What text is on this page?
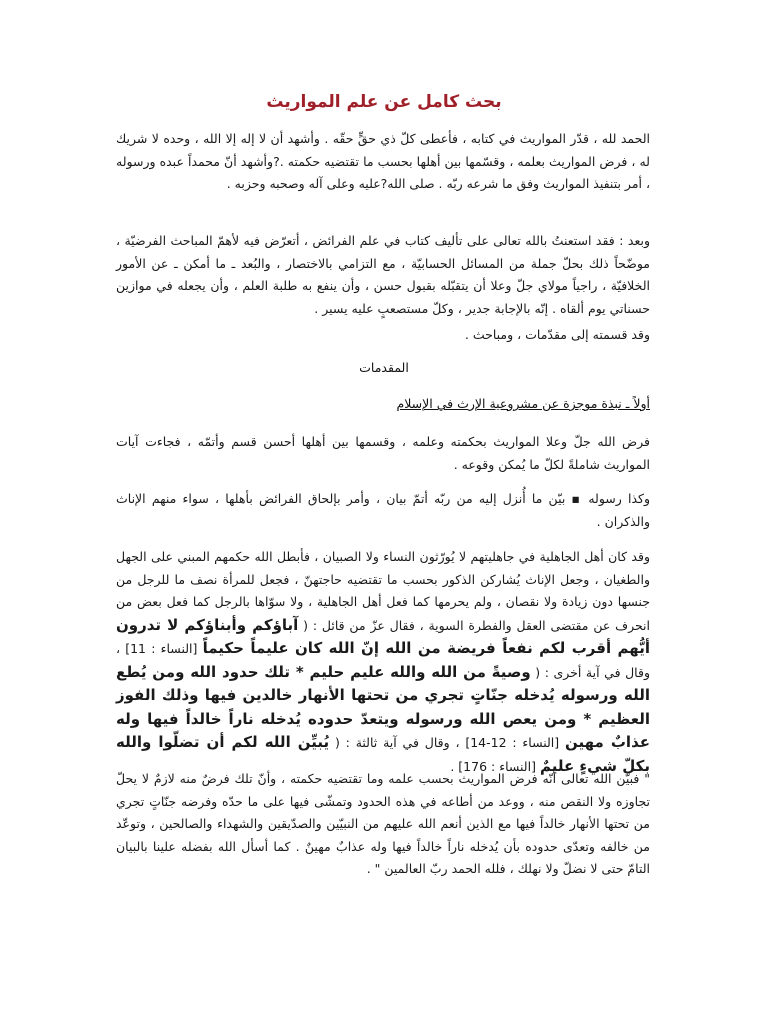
بحث كامل عن علم المواريث
الحمد لله ، قدّر المواريث في كتابه ، فأعطى كلّ ذي حقٍّ حقّه . وأشهد أن لا إله إلا الله ، وحده لا شريك له ، فرض المواريث بعلمه ، وقسّمها بين أهلها بحسب ما تقتضيه حكمته .?وأشهد أنّ محمداً عبده ورسوله ، أمر بتنفيذ المواريث وفق ما شرعه ربّه . صلى الله?عليه وعلى آله وصحبه وحزبه .
وبعد : فقد استعنتُ بالله تعالى على تأليف كتاب في علم الفرائض ، أتعرّض فيه لأهمّ المباحث الفرضيّة ، موضّحاً ذلك بحلّ جملة من المسائل الحسابيّة ، مع التزامي بالاختصار ، والبُعد ـ ما أمكن ـ عن الأمور الخلافيّة ، راجياً مولاي جلّ وعلا أن يتقبّله بقبول حسن ، وأن ينفع به طلبة العلم ، وأن يجعله في موازين حسناتي يوم ألقاه . إنّه بالإجابة جدير ، وكلّ مستصعبٍ عليه يسير .
وقد قسمته إلى مقدّمات ، ومباحث .
المقدمات
أولاً ـ نبذة موجزة عن مشروعية الإرث في الإسلام
فرض الله جلّ وعلا المواريث بحكمته وعلمه ، وقسمها بين أهلها أحسن قسم وأتمّه ، فجاءت آيات المواريث شاملةً لكلّ ما يُمكن وقوعه .
وكذا رسوله ▪ بيّن ما أُنزل إليه من ربّه أتمّ بيان ، وأمر بإلحاق الفرائض بأهلها ، سواء منهم الإناث والذكران .
وقد كان أهل الجاهلية في جاهليتهم لا يُورّثون النساء ولا الصبيان ، فأبطل الله حكمهم المبني على الجهل والطغيان ، وجعل الإناث يُشاركن الذكور بحسب ما تقتضيه حاجتهنّ ، فجعل للمرأة نصف ما للرجل من جنسها دون زيادة ولا نقصان ، ولم يحرمها كما فعل أهل الجاهلية ، ولا سوّاها بالرجل كما فعل بعض من انحرف عن مقتضى العقل والفطرة السوية ، فقال عزّ من قائل : ( آباؤكم وأبناؤكم لا تدرون أيُّهم أقرب لكم نفعاً فريضة من الله إنّ الله كان عليماً حكيماً [النساء : 11] ، وقال في آية أخرى : ( وصيةً من الله والله عليم حليم * تلك حدود الله ومن يُطع الله ورسوله يُدخله جنّاتٍ تجري من تحتها الأنهار خالدين فيها وذلك الفوز العظيم * ومن يعص الله ورسوله ويتعدّ حدوده يُدخله ناراً خالداً فيها وله عذابٌ مهين [النساء : 12-14] ، وقال في آية ثالثة : ( يُبيِّن الله لكم أن تضلّوا والله بكلّ شيءٍ عليمٌ [النساء : 176] .
" فبيّن الله تعالى أنّه فرض المواريث بحسب علمه وما تقتضيه حكمته ، وأنّ تلك فرضٌ منه لازمٌ لا يحلّ تجاوزه ولا النقص منه ، ووعد من أطاعه في هذه الحدود وتمشّى فيها على ما حدّه وفرضه جنّاتٍ تجري من تحتها الأنهار خالداً فيها مع الذين أنعم الله عليهم من النبيّين والصدّيقين والشهداء والصالحين ، وتوعّد من خالفه وتعدّى حدوده بأن يُدخله ناراً خالداً فيها وله عذابٌ مهينٌ . كما أسأل الله بفضله علينا بالبيان التامّ حتى لا نضلّ ولا نهلك ، فلله الحمد ربّ العالمين " .
